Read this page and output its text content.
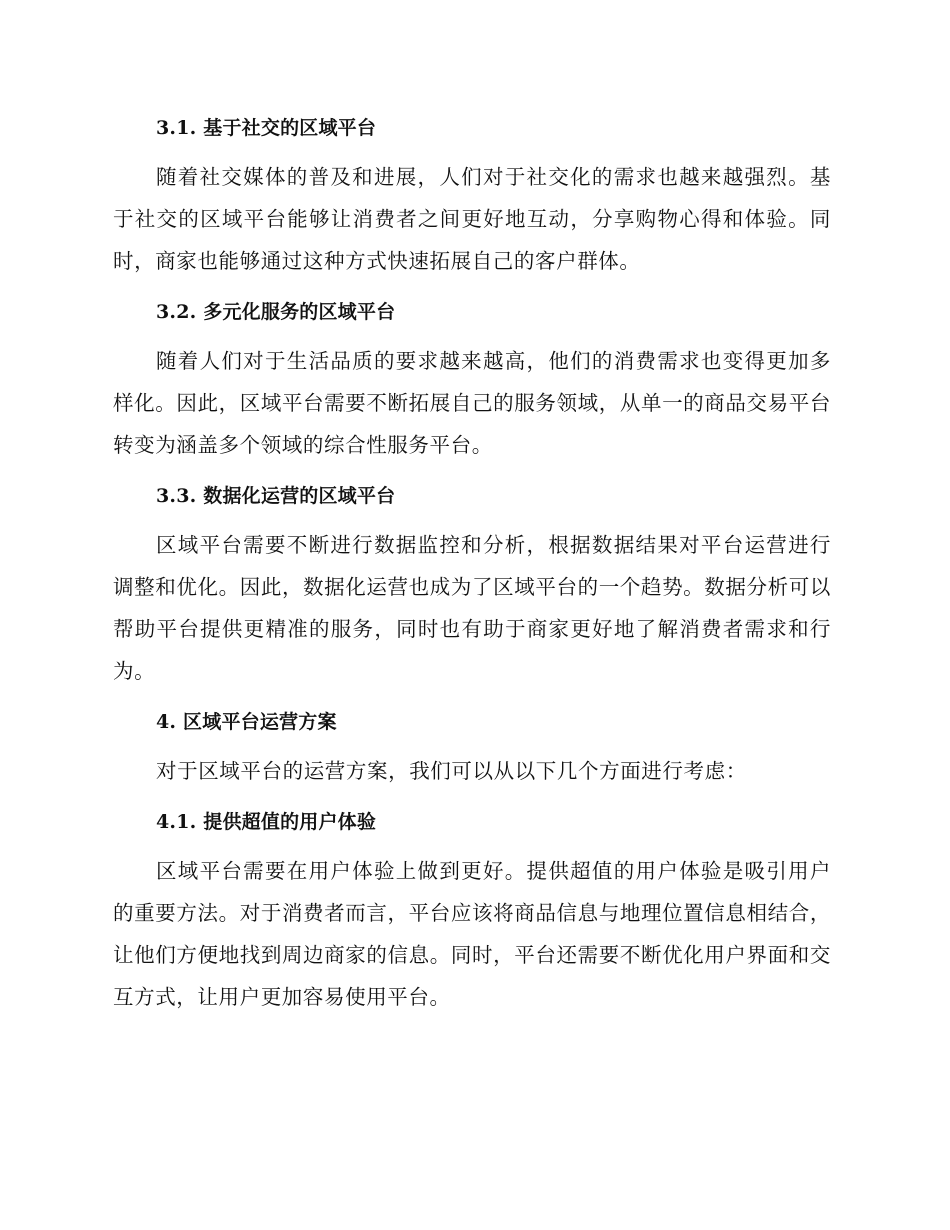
3.1. 基于社交的区域平台

随着社交媒体的普及和进展，人们对于社交化的需求也越来越强烈。基于社交的区域平台能够让消费者之间更好地互动，分享购物心得和体验。同时，商家也能够通过这种方式快速拓展自己的客户群体。

3.2. 多元化服务的区域平台

随着人们对于生活品质的要求越来越高，他们的消费需求也变得更加多样化。因此，区域平台需要不断拓展自己的服务领域，从单一的商品交易平台转变为涵盖多个领域的综合性服务平台。

3.3. 数据化运营的区域平台

区域平台需要不断进行数据监控和分析，根据数据结果对平台运营进行调整和优化。因此，数据化运营也成为了区域平台的一个趋势。数据分析可以帮助平台提供更精准的服务，同时也有助于商家更好地了解消费者需求和行为。

4. 区域平台运营方案

对于区域平台的运营方案，我们可以从以下几个方面进行考虑：

4.1. 提供超值的用户体验

区域平台需要在用户体验上做到更好。提供超值的用户体验是吸引用户的重要方法。对于消费者而言，平台应该将商品信息与地理位置信息相结合，让他们方便地找到周边商家的信息。同时，平台还需要不断优化用户界面和交互方式，让用户更加容易使用平台。
